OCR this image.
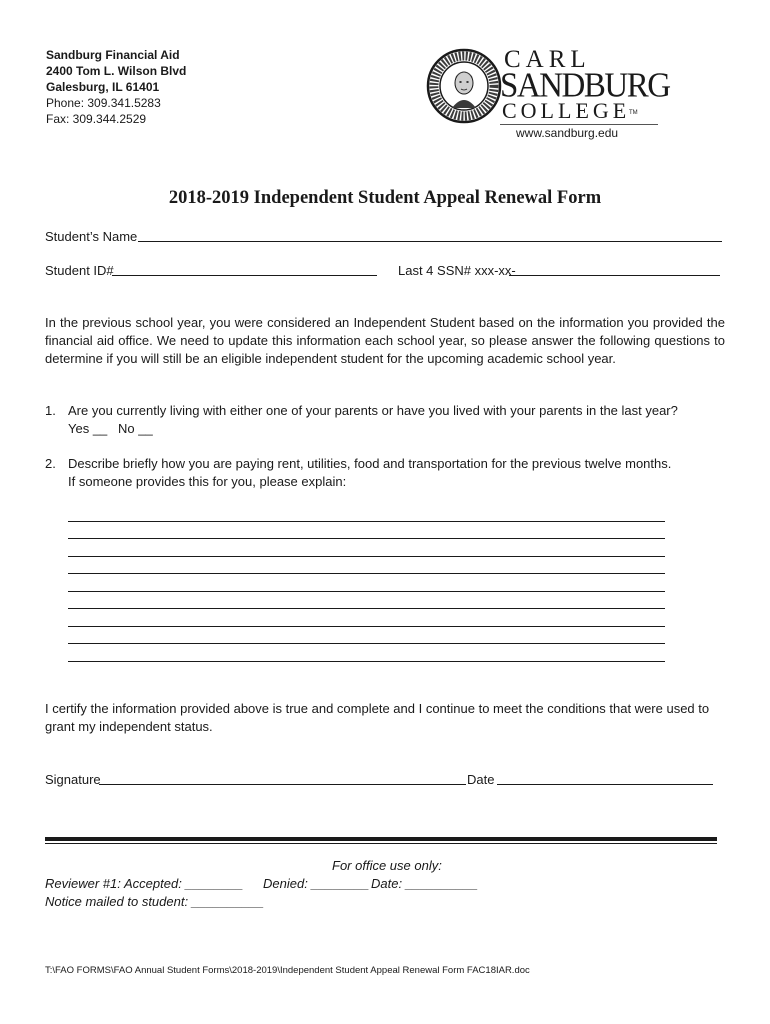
Sandburg Financial Aid
2400 Tom L. Wilson Blvd
Galesburg, IL 61401
Phone: 309.341.5283
Fax: 309.344.2529
CARL
SANDBURG
COLLEGE
TM
www.sandburg.edu
2018-2019 Independent Student Appeal Renewal Form
Student’s Name
Student ID#	Last 4 SSN# xxx-xx-
In the previous school year, you were considered an Independent Student based on the information you provided the financial aid office. We need to update this information each school year, so please answer the following questions to determine if you will still be an eligible independent student for the upcoming academic school year.
1. Are you currently living with either one of your parents or have you lived with your parents in the last year?
Yes __ No __
2. Describe briefly how you are paying rent, utilities, food and transportation for the previous twelve months.
If someone provides this for you, please explain:
I certify the information provided above is true and complete and I continue to meet the conditions that were used to grant my independent status.
Signature	Date
For office use only:
Reviewer #1: Accepted: ________ Denied: ________ Date: __________
Notice mailed to student: __________
T:\FAO FORMS\FAO Annual Student Forms\2018-2019\Independent Student Appeal Renewal Form FAC18IAR.doc
